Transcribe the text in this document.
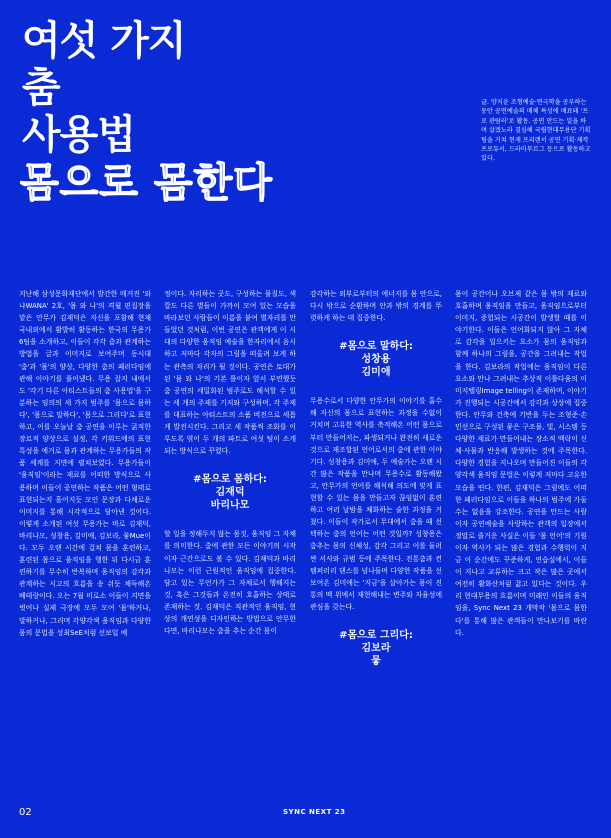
여섯 가지
춤
사용법
몸으로 몸한다
글. 양지윤 조형예술·연극학을 공부하는 동안 공연예술의 매체 특성에 매료돼 '프로 관람러'로 활동. 공연 만드는 일을 하며 살겠노라 결심해 국립현대무용단 기획팀을 거쳐 현재 프리랜서 공연 기획·제작 프로듀서, 드라마투르그 등으로 활동하고 있다.

지난해 삼성문화재단에서 발간한 매거진 '와 나WANA' 2호, '몸 와 나'의 격월 편집장을 맡은 안무가 김재덕은 자신을 포함해 현재 국내외에서 활발히 활동하는 한국의 무용가 6팀을 소개하고, 이들이 각각 춤과 관계하는 방법을 글과 이미지로 보여주며 동시대 '춤'과 '몸'의 양상, 다양한 춤의 패러다임에 관해 이야기를 풀어냈다. 무용 잡지 내에서도 '각기 다른 아티스트들의 춤 사용법'을 구분하는 임의의 세 가지 범주를 '몸으로 몸하다', '몸으로 말하다', '몸으로 그리다'로 표현하고, 이를 오늘날 춤 공연을 이루는 굵직한 장르적 양상으로 설정, 각 키워드에의 표현 특성을 예거로 몸과 관계하는 무용가들의 작품 세계를 지면에 펼쳐보였다. 무용가들이 '움직임'이라는 재료를 어떠한 방식으로 사용하며 이들이 공연하는 작품은 어떤 형태로 표현되는지 흘어지듯 모인 문장과 다채로운 이미지를 통해 시각적으로 담아낸 것이다. 이렇게 소개된 여섯 무용가는 바로 김재덕, 바리나모, 성창용, 김미애, 김보라, 뭏Mue이다. 모두 오랜 시간에 걸쳐 몸을 훈련하고, 훈련된 몸으로 움직임을 행한 뒤 다시금 훈련하기를 무수히 반복하며 움직임의 감각과 관계하는 시고의 흐름을 송 쉬듯 체득해온 베테랑이다. 오는 7월 비로소 이들이 지면을 벗어나 실제 극장에 모두 모여 '몸'하거나, 말하거나, 그리며 각양각색 움직임과 다양한 몸의 문법을 성최SeE처럼 선보일 예

정이다. 자리하는 곳도, 구성하는 물질도, 색깔도 다른 별들이 가까이 모여 있는 모습을 바라보던 사람들이 이름을 붙여 별자리를 만들었던 것처럼, 이번 공연은 관객에게 이 시대의 다양한 움직임 예술을 한자리에서 음시하고 저마다 각자의 그림을 떠올려 보게 하는 관측의 자리가 될 것이다. 공연은 토대가 된 '몸 와 나'의 기본 틀이자 앞서 부연했듯 춤 공연의 세밀화된 범주로도 해석할 수 있는 세 개의 주제를 기저와 구성하며, 각 주제를 대표하는 아티스트의 소품 버전으로 세롭게 발전시킨다. 그리고 세 작품씩 조화를 이루도록 엮어 두 개의 파트로 여섯 팀이 소개되는 방식으로 꾸렸다.

#몸으로 몸하다:
김재덕
바리나모

할 일을 정해두지 않는 몸짓, 움직임 그 자체를 의미한다. 춤에 관한 모든 이야기의 시작이자 근간으로도 볼 수 있다. 김재덕과 바리나모는 이런 근원적인 움직임에 집중한다. 담고 있는 무언가가 그 자체로서 행해지는 것, 혹은 그것들과 온전히 호흡하는 상태로 존재하는 것. 김재덕은 직관적인 움직임, 현상의 개연성을 디자인하는 방법으로 안무한다면, 바리나모는 춤을 추는 순간 몸이

감각하는 외부로부터의 에너지를 몸 안으로, 다시 밖으로 순환하며 안과 밖의 경계를 뚜렷하게 하는 데 집중한다.

#몸으로 말하다:
성창용
김미애

무용수로서 다양한 안무가의 이야기를 흡수해 자신의 몸으로 표현하는 과정을 수없이 거치며 고유한 역사를 축적해온 어떤 몸으로부터 만들어지는, 파생되거나 완전히 새로운 것으로 재조합된 언어로서의 춤에 관한 이야기다. 성창용과 김미애, 두 예술가는 오랜 시간 많은 작품을 만나며 무용수로 활동해왔고, 안무가의 언어를 해석해 의도에 맞게 표현할 수 있는 몸을 만들고자 끊임없이 훈련하고 여러 날밤을 체화하는 숱한 과정을 거쳤다. 이들이 작가로서 무대에서 춤을 때 선택하는 춤의 언어는 어떤 것일까? 성창용은 춤추는 몸의 신체성, 감각 그리고 이를 둘러싼 서사와 규범 등에 주목한다. 전통춤과 컨템퍼러리 댄스를 넘나들며 다양한 작품을 선보여온 김미애는 '지금'을 살아가는 몸이 진통의 맥 위에서 재현해내는 변주와 자율성에 관심을 갖는다.

#몸으로 그리다:
김보라
뭏

몸이 공간이나 오브제 같은 몸 밖의 재료와 호흡하며 움직임을 만들고, 움직임으로부터 이미지, 증험되는 시공간이 발생할 때를 이야기한다. 이들은 언어화되지 않아 그 자체로 감각을 일으키는 요소가 몸의 움직임과 함께 하나의 그림을, 공간을 그려내는 작업을 한다. 김보라의 작업에는 움직임이 다른 요소와 만나 그려내는 추상적 이틀다움의 이미지텔링Image telling이 존재하며, 이야기가 진행되는 시공간에서 감각과 상상에 집중한다. 안무와 건축에 기반을 두는 조형준·손민선으로 구성된 뭏은 구조물, 빛, 시스템 등 다양한 재료가 만들어내는 장소적 맥락이 신체·사물과 반응해 발생하는 것에 주목한다. 다양한 경험을 지나오며 만들어진 이들의 각양각색 움직임 문법은 이렇게 저마다 고유한 모습을 띤다. 한편, 김재덕은 그림에도 어떠한 패러다임으로 이들을 하나의 범주에 가둘 수는 없음을 강조한다. 공연을 만드는 사람이자 공연예술을 사랑하는 관객의 입장에서 정말로 즐거운 사실은 이들 '몸 언어'의 기원이자 역사가 되는 많은 경험과 수행력이 지금 이 순간에도 꾸준하게, 연습실에서, 이들이 지나고 교류하는 크고 작은 많은 곳에서 여전히 활화산처럼 끓고 있다는 것이다. 우리 현대무용의 흐름이며 미래인 이들의 움직임을, Sync Next 23 개막작 '몸으로 몸한다'를 통해 많은 관객들이 만나보기를 바란다.

02	SYNC NEXT 23
